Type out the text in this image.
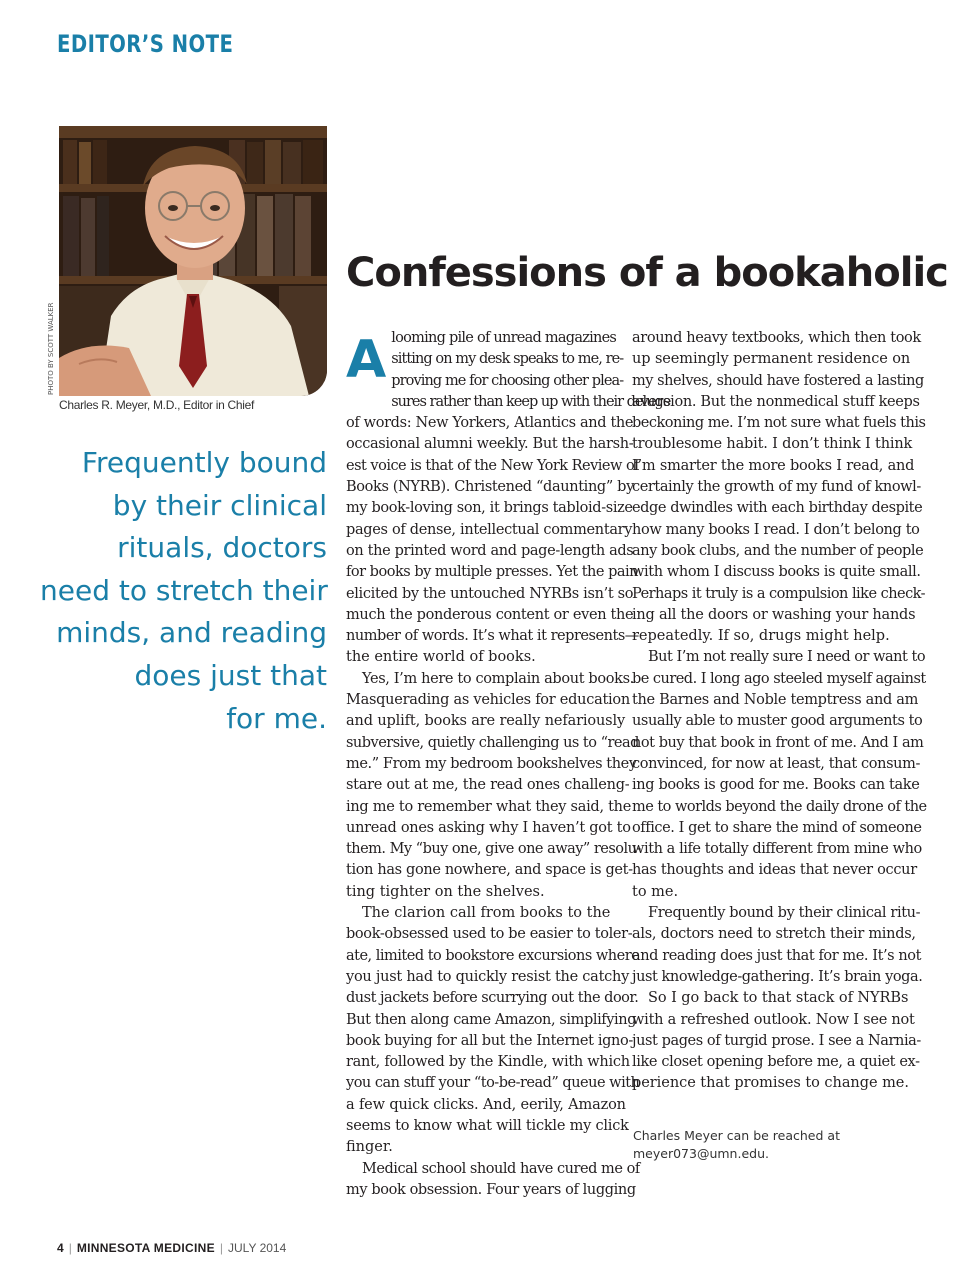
EDITOR’S NOTE
PHOTO BY SCOTT WALKER
Charles R. Meyer, M.D., Editor in Chief
Frequently bound
by their clinical
rituals, doctors
need to stretch their
minds, and reading
does just that
for me.
Confessions of a bookaholic
A looming pile of unread magazines
sitting on my desk speaks to me, re-
proving me for choosing other plea-
sures rather than keep up with their deluge
of words: New Yorkers, Atlantics and the
occasional alumni weekly. But the harsh-
est voice is that of the New York Review of
Books (NYRB). Christened “daunting” by
my book-loving son, it brings tabloid-size
pages of dense, intellectual commentary
on the printed word and page-length ads
for books by multiple presses. Yet the pain
elicited by the untouched NYRBs isn’t so
much the ponderous content or even the
number of words. It’s what it represents—
the entire world of books.
Yes, I’m here to complain about books.
Masquerading as vehicles for education
and uplift, books are really nefariously
subversive, quietly challenging us to “read
me.” From my bedroom bookshelves they
stare out at me, the read ones challeng-
ing me to remember what they said, the
unread ones asking why I haven’t got to
them. My “buy one, give one away” resolu-
tion has gone nowhere, and space is get-
ting tighter on the shelves.
The clarion call from books to the
book-obsessed used to be easier to toler-
ate, limited to bookstore excursions where
you just had to quickly resist the catchy
dust jackets before scurrying out the door.
But then along came Amazon, simplifying
book buying for all but the Internet igno-
rant, followed by the Kindle, with which
you can stuff your “to-be-read” queue with
a few quick clicks. And, eerily, Amazon
seems to know what will tickle my click
finger.
Medical school should have cured me of
my book obsession. Four years of lugging
around heavy textbooks, which then took
up seemingly permanent residence on
my shelves, should have fostered a lasting
aversion. But the nonmedical stuff keeps
beckoning me. I’m not sure what fuels this
troublesome habit. I don’t think I think
I’m smarter the more books I read, and
certainly the growth of my fund of knowl-
edge dwindles with each birthday despite
how many books I read. I don’t belong to
any book clubs, and the number of people
with whom I discuss books is quite small.
Perhaps it truly is a compulsion like check-
ing all the doors or washing your hands
repeatedly. If so, drugs might help.
But I’m not really sure I need or want to
be cured. I long ago steeled myself against
the Barnes and Noble temptress and am
usually able to muster good arguments to
not buy that book in front of me. And I am
convinced, for now at least, that consum-
ing books is good for me. Books can take
me to worlds beyond the daily drone of the
office. I get to share the mind of someone
with a life totally different from mine who
has thoughts and ideas that never occur
to me.
Frequently bound by their clinical ritu-
als, doctors need to stretch their minds,
and reading does just that for me. It’s not
just knowledge-gathering. It’s brain yoga.
So I go back to that stack of NYRBs
with a refreshed outlook. Now I see not
just pages of turgid prose. I see a Narnia-
like closet opening before me, a quiet ex-
perience that promises to change me.
Charles Meyer can be reached at
meyer073@umn.edu.
4 | MINNESOTA MEDICINE | JULY 2014
